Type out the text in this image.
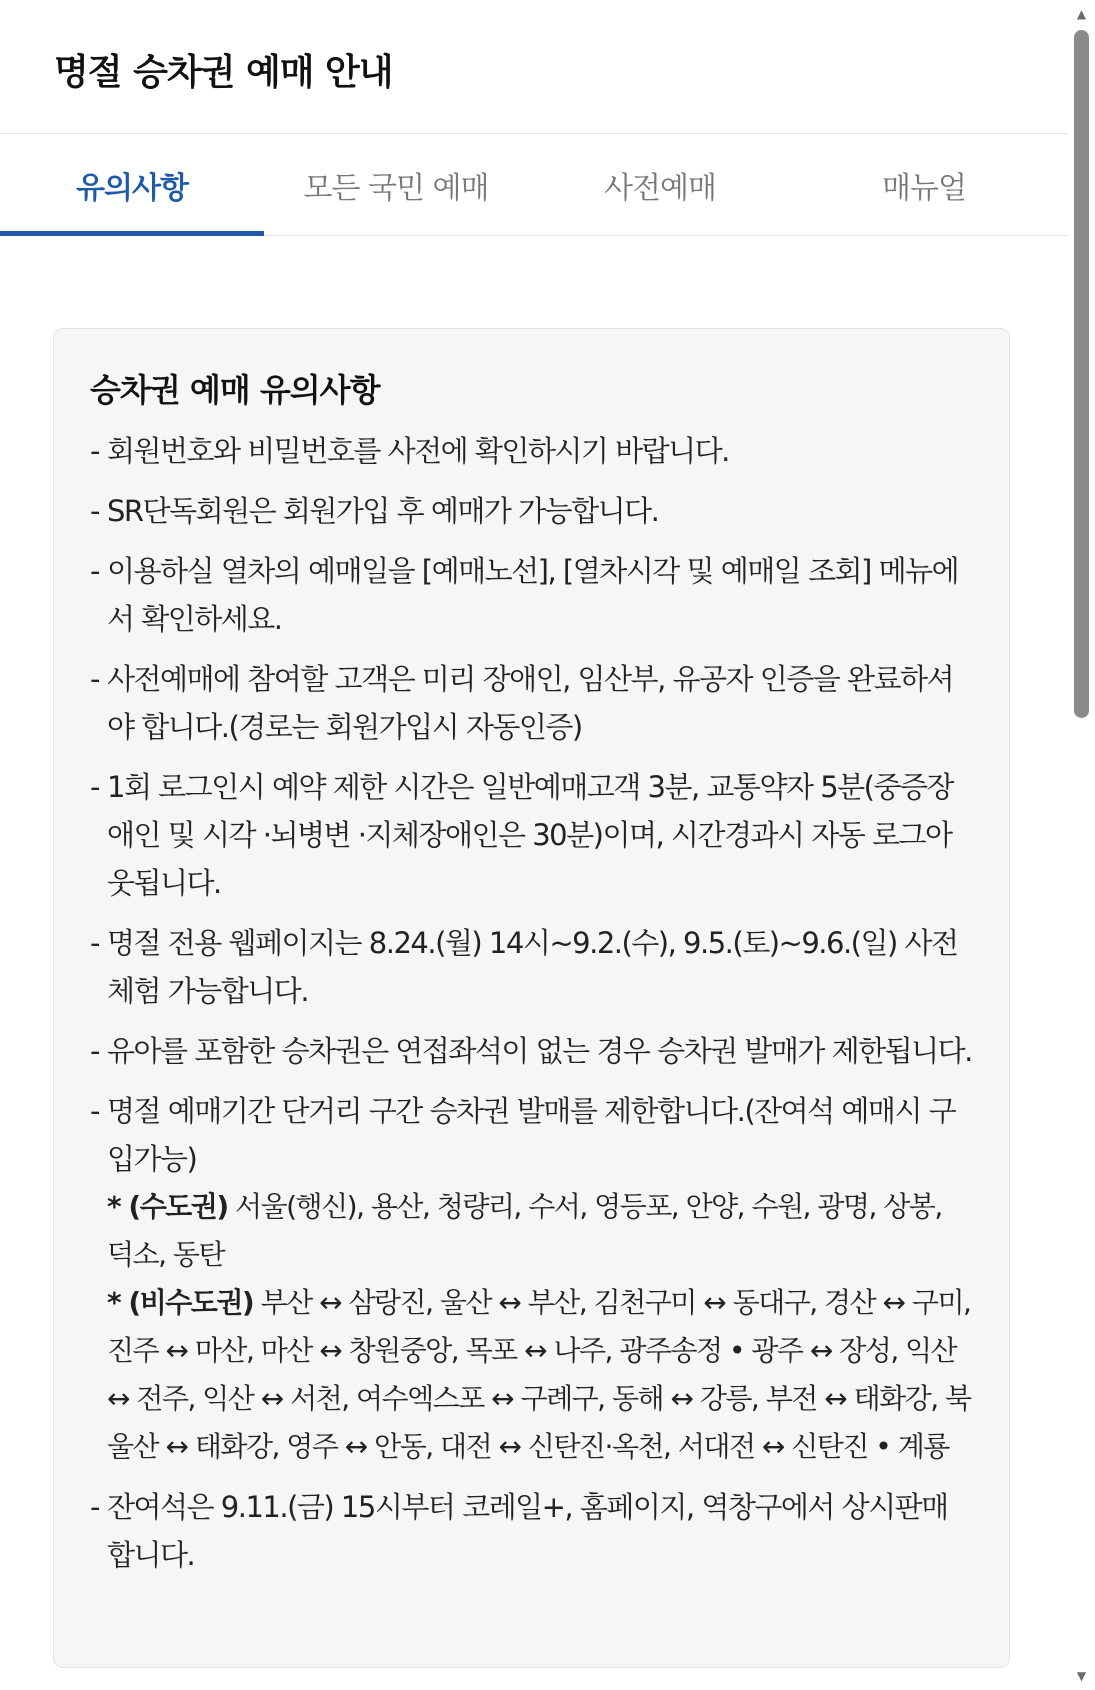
명절 승차권 예매 안내
유의사항	모든 국민 예매	사전예매	매뉴얼
승차권 예매 유의사항
- 회원번호와 비밀번호를 사전에 확인하시기 바랍니다.
- SR단독회원은 회원가입 후 예매가 가능합니다.
- 이용하실 열차의 예매일을 [예매노선], [열차시각 및 예매일 조회] 메뉴에서 확인하세요.
- 사전예매에 참여할 고객은 미리 장애인, 임산부, 유공자 인증을 완료하셔야 합니다.(경로는 회원가입시 자동인증)
- 1회 로그인시 예약 제한 시간은 일반예매고객 3분, 교통약자 5분(중증장애인 및 시각 ·뇌병변 ·지체장애인은 30분)이며, 시간경과시 자동 로그아웃됩니다.
- 명절 전용 웹페이지는 8.24.(월) 14시~9.2.(수), 9.5.(토)~9.6.(일) 사전체험 가능합니다.
- 유아를 포함한 승차권은 연접좌석이 없는 경우 승차권 발매가 제한됩니다.
- 명절 예매기간 단거리 구간 승차권 발매를 제한합니다.(잔여석 예매시 구입가능)
* (수도권) 서울(행신), 용산, 청량리, 수서, 영등포, 안양, 수원, 광명, 상봉, 덕소, 동탄
* (비수도권) 부산 ↔ 삼랑진, 울산 ↔ 부산, 김천구미 ↔ 동대구, 경산 ↔ 구미, 진주 ↔ 마산, 마산 ↔ 창원중앙, 목포 ↔ 나주, 광주송정 • 광주 ↔ 장성, 익산 ↔ 전주, 익산 ↔ 서천, 여수엑스포 ↔ 구례구, 동해 ↔ 강릉, 부전 ↔ 태화강, 북울산 ↔ 태화강, 영주 ↔ 안동, 대전 ↔ 신탄진·옥천, 서대전 ↔ 신탄진 • 계룡
- 잔여석은 9.11.(금) 15시부터 코레일+, 홈페이지, 역창구에서 상시판매합니다.
▲
▼
